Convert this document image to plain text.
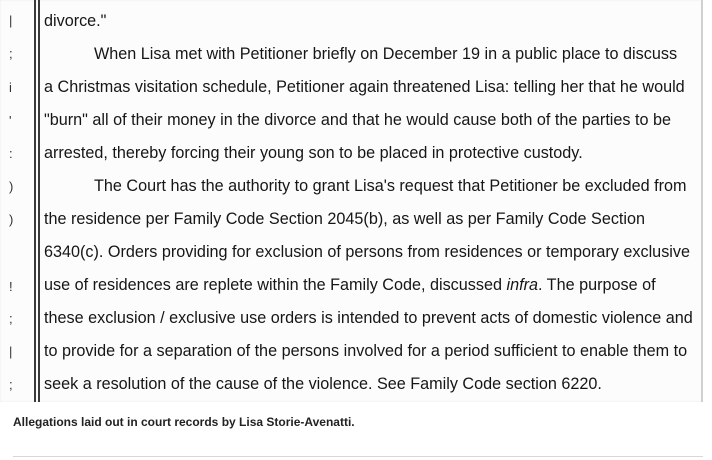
|
;
i
'
:
)
)
!
;
|
;
divorce."
When Lisa met with Petitioner briefly on December 19 in a public place to discuss
a Christmas visitation schedule, Petitioner again threatened Lisa: telling her that he would
"burn" all of their money in the divorce and that he would cause both of the parties to be
arrested, thereby forcing their young son to be placed in protective custody.
The Court has the authority to grant Lisa's request that Petitioner be excluded from
the residence per Family Code Section 2045(b), as well as per Family Code Section
6340(c). Orders providing for exclusion of persons from residences or temporary exclusive
use of residences are replete within the Family Code, discussed infra. The purpose of
these exclusion / exclusive use orders is intended to prevent acts of domestic violence and
to provide for a separation of the persons involved for a period sufficient to enable them to
seek a resolution of the cause of the violence. See Family Code section 6220.
Allegations laid out in court records by Lisa Storie-Avenatti.
